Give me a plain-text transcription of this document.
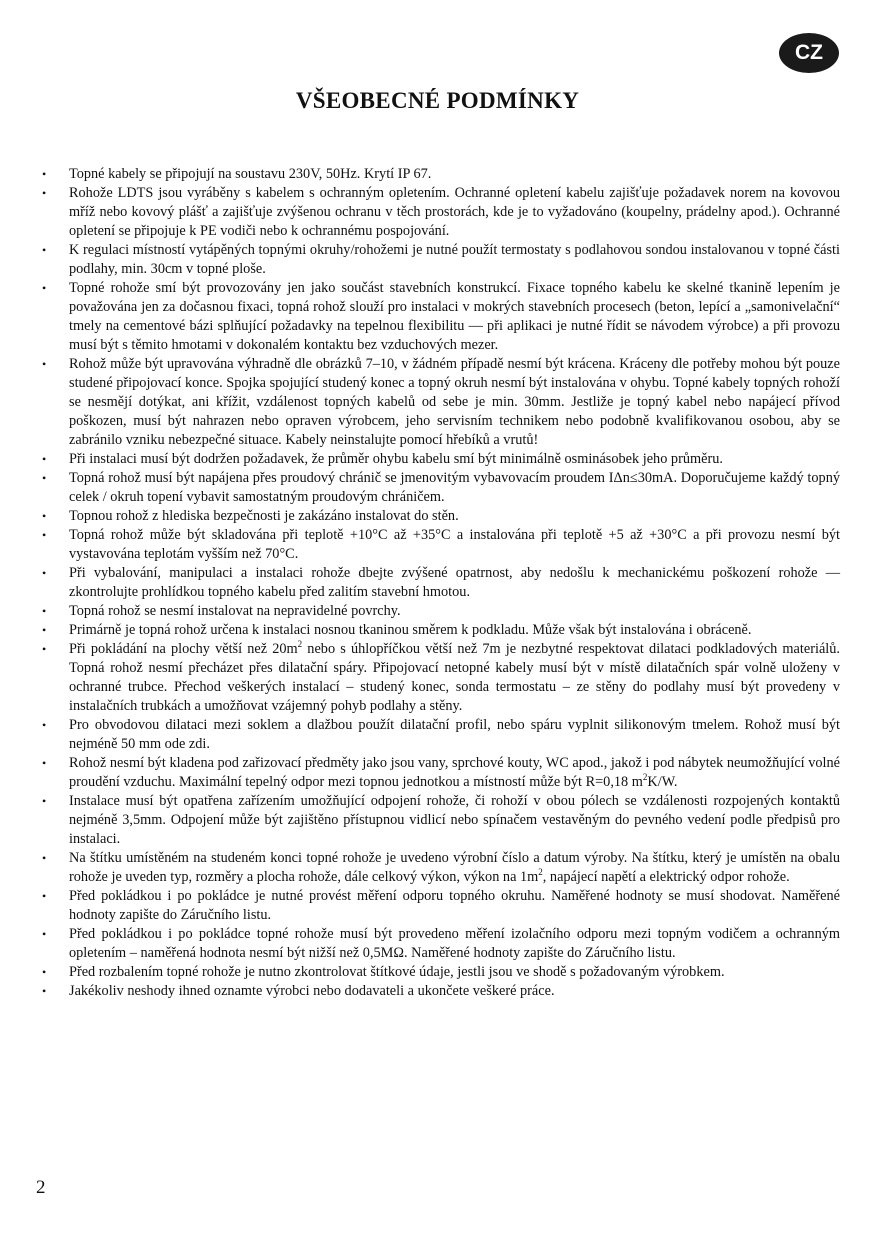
CZ
VŠEOBECNÉ PODMÍNKY
•	Topné kabely se připojují na soustavu 230V, 50Hz. Krytí IP 67.
•	Rohože LDTS jsou vyráběny s kabelem s ochranným opletením. Ochranné opletení kabelu zajišťuje požadavek norem na kovovou mříž nebo kovový plášť a zajišťuje zvýšenou ochranu v těch prostorách, kde je to vyžadováno (koupelny, prádelny apod.). Ochranné opletení se připojuje k PE vodiči nebo k ochrannému pospojování.
•	K regulaci místností vytápěných topnými okruhy/rohožemi je nutné použít termostaty s podlahovou sondou instalovanou v topné části podlahy, min. 30cm v topné ploše.
•	Topné rohože smí být provozovány jen jako součást stavebních konstrukcí. Fixace topného kabelu ke skelné tkanině lepením je považována jen za dočasnou fixaci, topná rohož slouží pro instalaci v mokrých stavebních procesech (beton, lepící a „samonivelační“ tmely na cementové bázi splňující požadavky na tepelnou flexibilitu — při aplikaci je nutné řídit se návodem výrobce) a při provozu musí být s těmito hmotami v dokonalém kontaktu bez vzduchových mezer.
•	Rohož může být upravována výhradně dle obrázků 7–10, v žádném případě nesmí být krácena. Kráceny dle potřeby mohou být pouze studené připojovací konce. Spojka spojující studený konec a topný okruh nesmí být instalována v ohybu. Topné kabely topných rohoží se nesmějí dotýkat, ani křížit, vzdálenost topných kabelů od sebe je min. 30mm. Jestliže je topný kabel nebo napájecí přívod poškozen, musí být nahrazen nebo opraven výrobcem, jeho servisním technikem nebo podobně kvalifikovanou osobou, aby se zabránilo vzniku nebezpečné situace. Kabely neinstalujte pomocí hřebíků a vrutů!
•	Při instalaci musí být dodržen požadavek, že průměr ohybu kabelu smí být minimálně osminásobek jeho průměru.
•	Topná rohož musí být napájena přes proudový chránič se jmenovitým vybavovacím proudem IΔn≤30mA. Doporučujeme každý topný celek / okruh topení vybavit samostatným proudovým chráničem.
•	Topnou rohož z hlediska bezpečnosti je zakázáno instalovat do stěn.
•	Topná rohož může být skladována při teplotě +10°C až +35°C a instalována při teplotě +5 až +30°C a při provozu nesmí být vystavována teplotám vyšším než 70°C.
•	Při vybalování, manipulaci a instalaci rohože dbejte zvýšené opatrnost, aby nedošlu k mechanickému poškození rohože — zkontrolujte prohlídkou topného kabelu před zalitím stavební hmotou.
•	Topná rohož se nesmí instalovat na nepravidelné povrchy.
•	Primárně je topná rohož určena k instalaci nosnou tkaninou směrem k podkladu. Může však být instalována i obráceně.
•	Při pokládání na plochy větší než $20m^2$ nebo s úhlopříčkou větší než 7m je nezbytné respektovat dilataci podkladových materiálů. Topná rohož nesmí přecházet přes dilatační spáry. Připojovací netopné kabely musí být v místě dilatačních spár volně uloženy v ochranné trubce. Přechod veškerých instalací – studený konec, sonda termostatu – ze stěny do podlahy musí být provedeny v instalačních trubkách a umožňovat vzájemný pohyb podlahy a stěny.
•	Pro obvodovou dilataci mezi soklem a dlažbou použít dilatační profil, nebo spáru vyplnit silikonovým tmelem. Rohož musí být nejméně 50 mm ode zdi.
•	Rohož nesmí být kladena pod zařizovací předměty jako jsou vany, sprchové kouty, WC apod., jakož i pod nábytek neumožňující volné proudění vzduchu. Maximální tepelný odpor mezi topnou jednotkou a místností může být R=0,18 $m^2K/W$.
•	Instalace musí být opatřena zařízením umožňující odpojení rohože, či rohoží v obou pólech se vzdálenosti rozpojených kontaktů nejméně 3,5mm. Odpojení může být zajištěno přístupnou vidlicí nebo spínačem vestavěným do pevného vedení podle předpisů pro instalaci.
•	Na štítku umístěném na studeném konci topné rohože je uvedeno výrobní číslo a datum výroby. Na štítku, který je umístěn na obalu rohože je uveden typ, rozměry a plocha rohože, dále celkový výkon, výkon na $1m^2$, napájecí napětí a elektrický odpor rohože.
•	Před pokládkou i po pokládce je nutné provést měření odporu topného okruhu. Naměřené hodnoty se musí shodovat. Naměřené hodnoty zapište do Záručního listu.
•	Před pokládkou i po pokládce topné rohože musí být provedeno měření izolačního odporu mezi topným vodičem a ochranným opletením – naměřená hodnota nesmí být nižší než 0,5MΩ. Naměřené hodnoty zapište do Záručního listu.
•	Před rozbalením topné rohože je nutno zkontrolovat štítkové údaje, jestli jsou ve shodě s požadovaným výrobkem.
•	Jakékoliv neshody ihned oznamte výrobci nebo dodavateli a ukončete veškeré práce.
2
